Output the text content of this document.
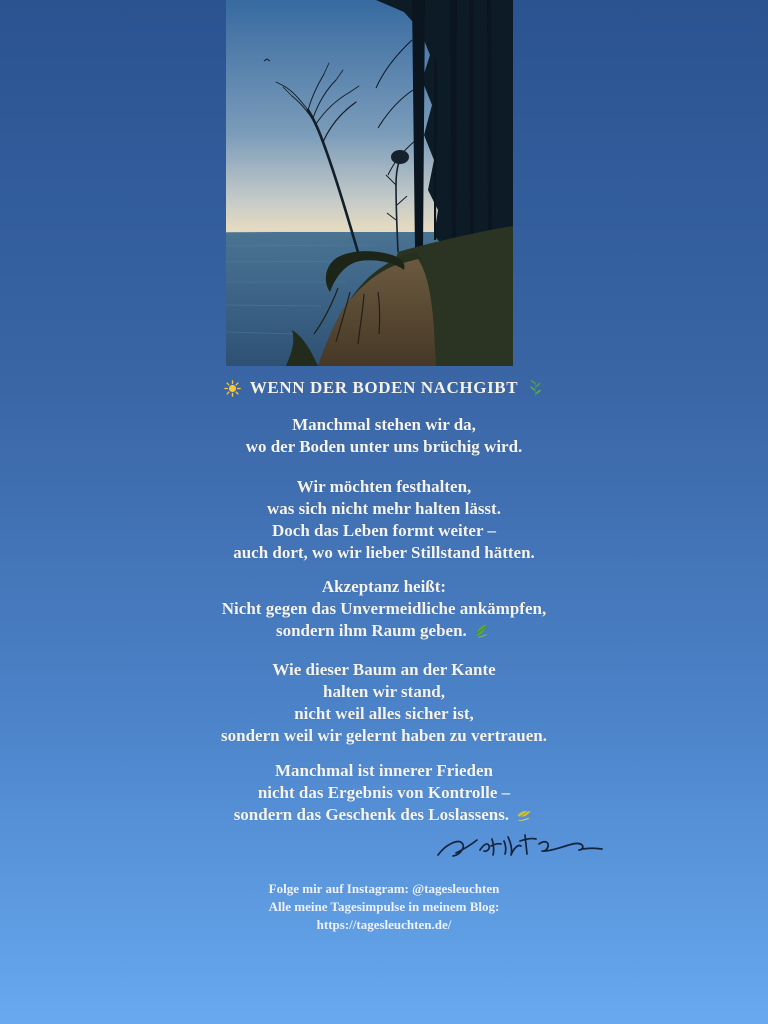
WENN DER BODEN NACHGIBT
Manchmal stehen wir da,
wo der Boden unter uns brüchig wird.
Wir möchten festhalten,
was sich nicht mehr halten lässt.
Doch das Leben formt weiter –
auch dort, wo wir lieber Stillstand hätten.
Akzeptanz heißt:
Nicht gegen das Unvermeidliche ankämpfen,
sondern ihm Raum geben.
Wie dieser Baum an der Kante
halten wir stand,
nicht weil alles sicher ist,
sondern weil wir gelernt haben zu vertrauen.
Manchmal ist innerer Frieden
nicht das Ergebnis von Kontrolle –
sondern das Geschenk des Loslassens.
Folge mir auf Instagram: @tagesleuchten
Alle meine Tagesimpulse in meinem Blog:
https://tagesleuchten.de/
